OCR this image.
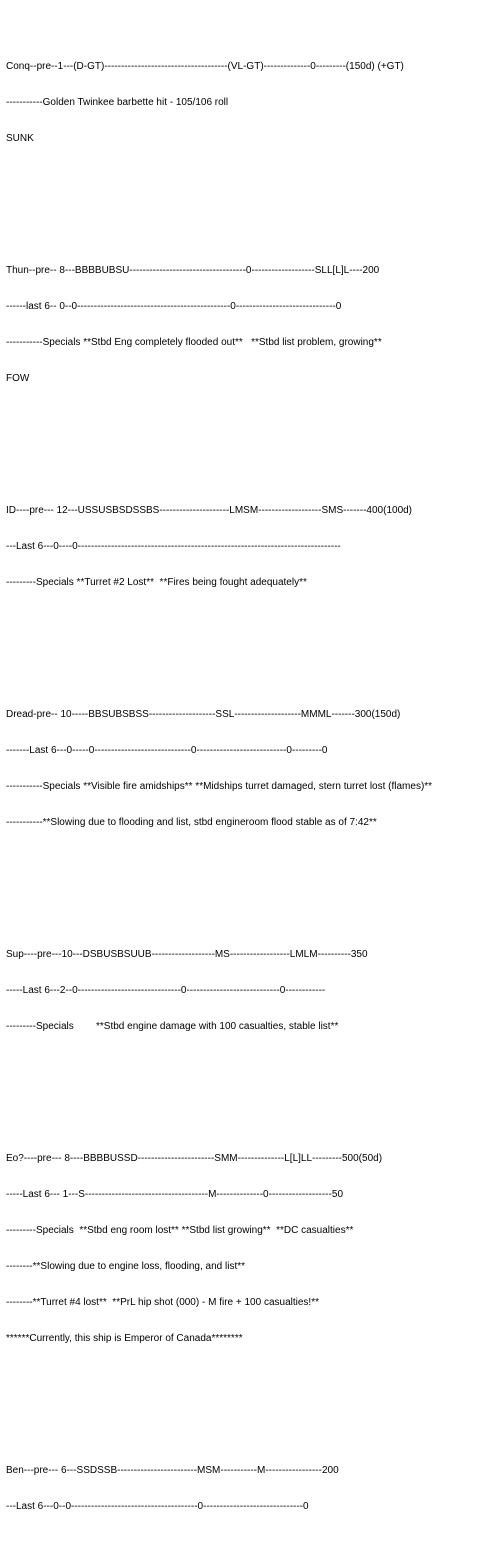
Conq--pre--1---(D-GT)-------------------------------------(VL-GT)--------------0---------(150d) (+GT)

-----------Golden Twinkee barbette hit - 105/106 roll

SUNK

Thun--pre-- 8---BBBBUBSU-----------------------------------0-------------------SLL[L]L----200

------last 6-- 0--0----------------------------------------------0------------------------------0

-----------Specials **Stbd Eng completely flooded out**   **Stbd list problem, growing**

FOW

ID----pre--- 12---USSUSBSDSSBS---------------------LMSM-------------------SMS-------400(100d)

---Last 6---0----0-------------------------------------------------------------------------------

---------Specials **Turret #2 Lost**  **Fires being fought adequately**

Dread-pre-- 10-----BBSUBSBSS--------------------SSL--------------------MMML-------300(150d)

-------Last 6---0-----0-----------------------------0---------------------------0---------0

-----------Specials **Visible fire amidships** **Midships turret damaged, stern turret lost (flames)**

-----------**Slowing due to flooding and list, stbd engineroom flood stable as of 7:42**

Sup----pre---10---DSBUSBSUUB-------------------MS------------------LMLM----------350

-----Last 6---2--0-------------------------------0----------------------------0------------

---------Specials        **Stbd engine damage with 100 casualties, stable list**

Eo?----pre--- 8----BBBBUSSD-----------------------SMM--------------L[L]LL---------500(50d)

-----Last 6--- 1---S-------------------------------------M--------------0-------------------50

---------Specials  **Stbd eng room lost** **Stbd list growing**  **DC casualties**

--------**Slowing due to engine loss, flooding, and list**

--------**Turret #4 lost**  **PrL hip shot (000) - M fire + 100 casualties!**

******Currently, this ship is Emperor of Canada********

Ben---pre--- 6---SSDSSB------------------------MSM-----------M-----------------200

---Last 6---0--0--------------------------------------0------------------------------0
